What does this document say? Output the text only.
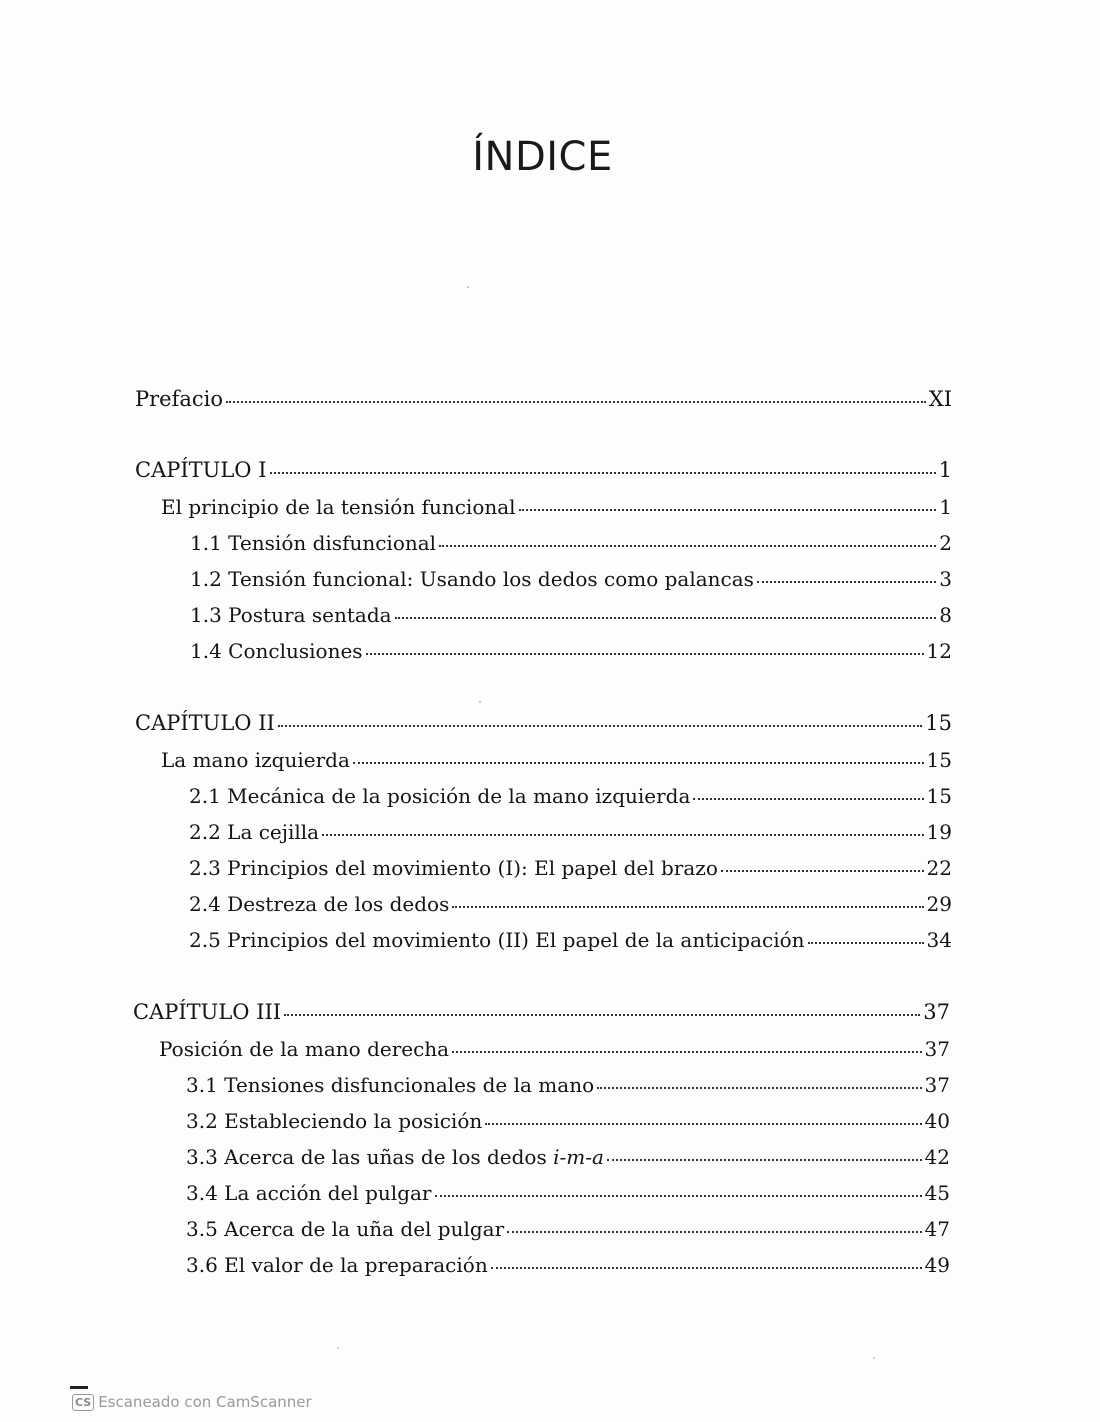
ÍNDICE
Prefacio	XI
CAPÍTULO I	1
El principio de la tensión funcional	1
1.1 Tensión disfuncional	2
1.2 Tensión funcional: Usando los dedos como palancas	3
1.3 Postura sentada	8
1.4 Conclusiones	12
CAPÍTULO II	15
La mano izquierda	15
2.1 Mecánica de la posición de la mano izquierda	15
2.2 La cejilla	19
2.3 Principios del movimiento (I): El papel del brazo	22
2.4 Destreza de los dedos	29
2.5 Principios del movimiento (II) El papel de la anticipación	34
CAPÍTULO III	37
Posición de la mano derecha	37
3.1 Tensiones disfuncionales de la mano	37
3.2 Estableciendo la posición	40
3.3 Acerca de las uñas de los dedos i-m-a	42
3.4 La acción del pulgar	45
3.5 Acerca de la uña del pulgar	47
3.6 El valor de la preparación	49
CS Escaneado con CamScanner
